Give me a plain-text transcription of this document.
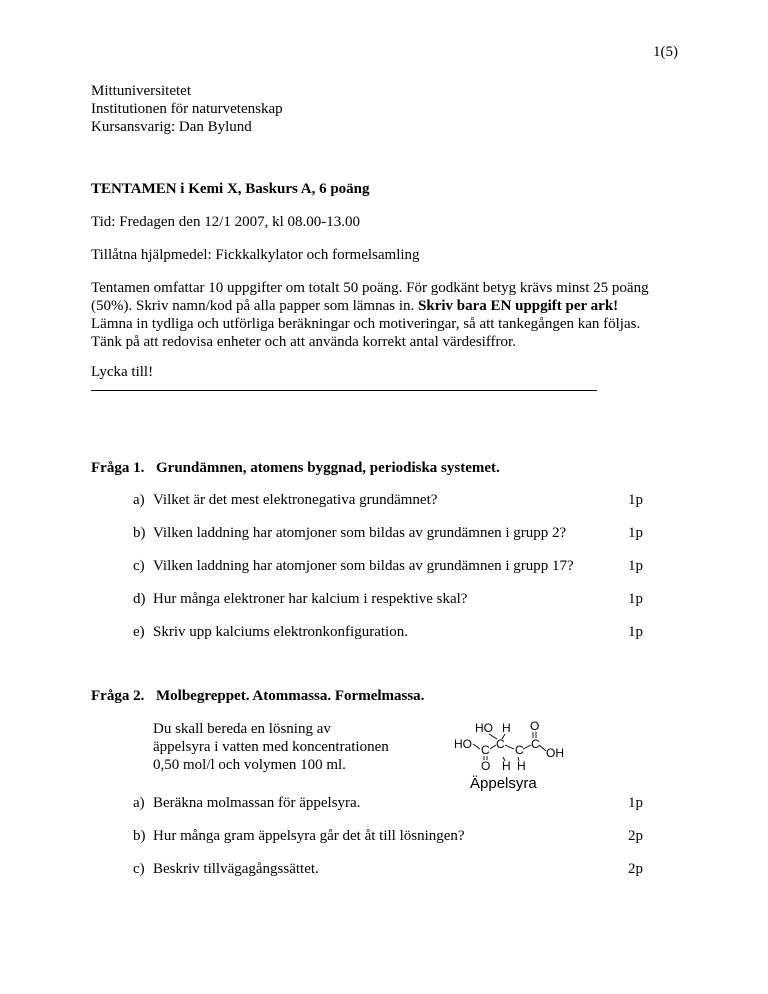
1(5)
Mittuniversitetet
Institutionen för naturvetenskap
Kursansvarig: Dan Bylund
TENTAMEN i Kemi X, Baskurs A, 6 poäng
Tid: Fredagen den 12/1 2007, kl 08.00-13.00
Tillåtna hjälpmedel: Fickkalkylator och formelsamling
Tentamen omfattar 10 uppgifter om totalt 50 poäng. För godkänt betyg krävs minst 25 poäng
(50%). Skriv namn/kod på alla papper som lämnas in. Skriv bara EN uppgift per ark!
Lämna in tydliga och utförliga beräkningar och motiveringar, så att tankegången kan följas.
Tänk på att redovisa enheter och att använda korrekt antal värdesiffror.
Lycka till!
Fråga 1. Grundämnen, atomens byggnad, periodiska systemet.
a) Vilket är det mest elektronegativa grundämnet?	1p
b) Vilken laddning har atomjoner som bildas av grundämnen i grupp 2?	1p
c) Vilken laddning har atomjoner som bildas av grundämnen i grupp 17?	1p
d) Hur många elektroner har kalcium i respektive skal?	1p
e) Skriv upp kalciums elektronkonfiguration.	1p
Fråga 2. Molbegreppet. Atommassa. Formelmassa.
Du skall bereda en lösning av
äppelsyra i vatten med koncentrationen
0,50 mol/l och volymen 100 ml.
HO H O
HO C C C C
OH
O H H
Äppelsyra
a) Beräkna molmassan för äppelsyra.	1p
b) Hur många gram äppelsyra går det åt till lösningen?	2p
c) Beskriv tillvägagångssättet.	2p
